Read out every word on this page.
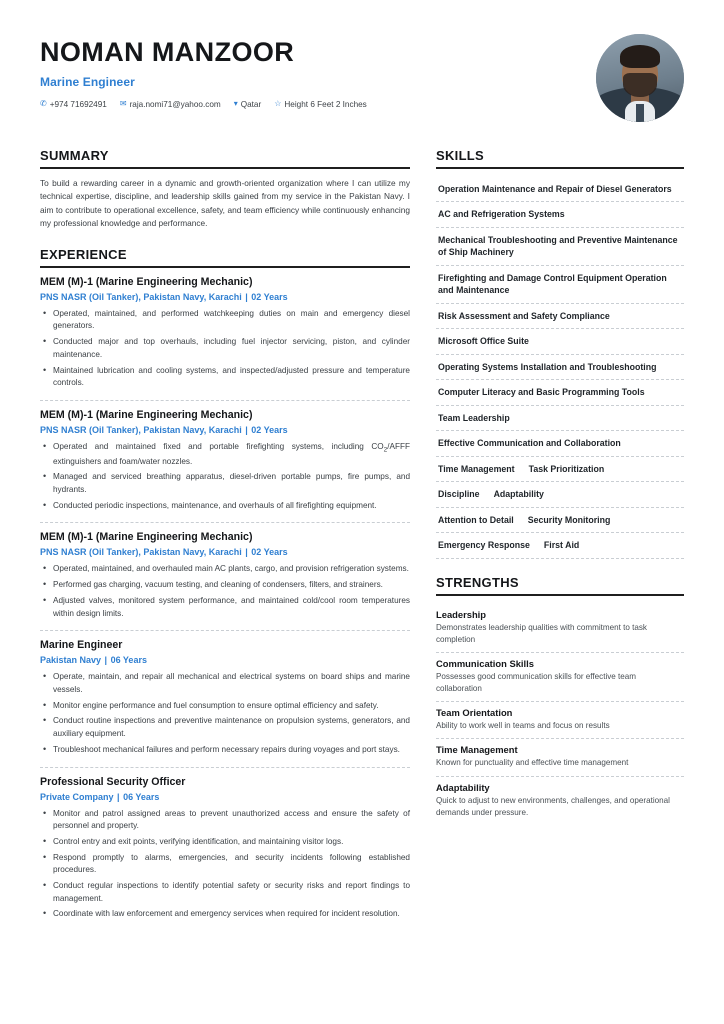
NOMAN MANZOOR
Marine Engineer
✆ +974 71692491 ✉ raja.nomi71@yahoo.com ▾ Qatar ☆ Height 6 Feet 2 Inches
SUMMARY
To build a rewarding career in a dynamic and growth-oriented organization where I can utilize my technical expertise, discipline, and leadership skills gained from my service in the Pakistan Navy. I aim to contribute to operational excellence, safety, and team efficiency while continuously enhancing my professional knowledge and performance.
EXPERIENCE
MEM (M)-1 (Marine Engineering Mechanic)
PNS NASR (Oil Tanker), Pakistan Navy, Karachi | 02 Years
• Operated, maintained, and performed watchkeeping duties on main and emergency diesel generators.
• Conducted major and top overhauls, including fuel injector servicing, piston, and cylinder maintenance.
• Maintained lubrication and cooling systems, and inspected/adjusted pressure and temperature controls.
MEM (M)-1 (Marine Engineering Mechanic)
PNS NASR (Oil Tanker), Pakistan Navy, Karachi | 02 Years
• Operated and maintained fixed and portable firefighting systems, including $CO_2$/AFFF extinguishers and foam/water nozzles.
• Managed and serviced breathing apparatus, diesel-driven portable pumps, fire pumps, and hydrants.
• Conducted periodic inspections, maintenance, and overhauls of all firefighting equipment.
MEM (M)-1 (Marine Engineering Mechanic)
PNS NASR (Oil Tanker), Pakistan Navy, Karachi | 02 Years
• Operated, maintained, and overhauled main AC plants, cargo, and provision refrigeration systems.
• Performed gas charging, vacuum testing, and cleaning of condensers, filters, and strainers.
• Adjusted valves, monitored system performance, and maintained cold/cool room temperatures within design limits.
Marine Engineer
Pakistan Navy | 06 Years
• Operate, maintain, and repair all mechanical and electrical systems on board ships and marine vessels.
• Monitor engine performance and fuel consumption to ensure optimal efficiency and safety.
• Conduct routine inspections and preventive maintenance on propulsion systems, generators, and auxiliary equipment.
• Troubleshoot mechanical failures and perform necessary repairs during voyages and port stays.
Professional Security Officer
Private Company | 06 Years
• Monitor and patrol assigned areas to prevent unauthorized access and ensure the safety of personnel and property.
• Control entry and exit points, verifying identification, and maintaining visitor logs.
• Respond promptly to alarms, emergencies, and security incidents following established procedures.
• Conduct regular inspections to identify potential safety or security risks and report findings to management.
• Coordinate with law enforcement and emergency services when required for incident resolution.
SKILLS
Operation Maintenance and Repair of Diesel Generators
AC and Refrigeration Systems
Mechanical Troubleshooting and Preventive Maintenance of Ship Machinery
Firefighting and Damage Control Equipment Operation and Maintenance
Risk Assessment and Safety Compliance
Microsoft Office Suite
Operating Systems Installation and Troubleshooting
Computer Literacy and Basic Programming Tools
Team Leadership
Effective Communication and Collaboration
Time Management Task Prioritization
Discipline Adaptability
Attention to Detail Security Monitoring
Emergency Response First Aid
STRENGTHS
Leadership
Demonstrates leadership qualities with commitment to task completion
Communication Skills
Possesses good communication skills for effective team collaboration
Team Orientation
Ability to work well in teams and focus on results
Time Management
Known for punctuality and effective time management
Adaptability
Quick to adjust to new environments, challenges, and operational demands under pressure.
